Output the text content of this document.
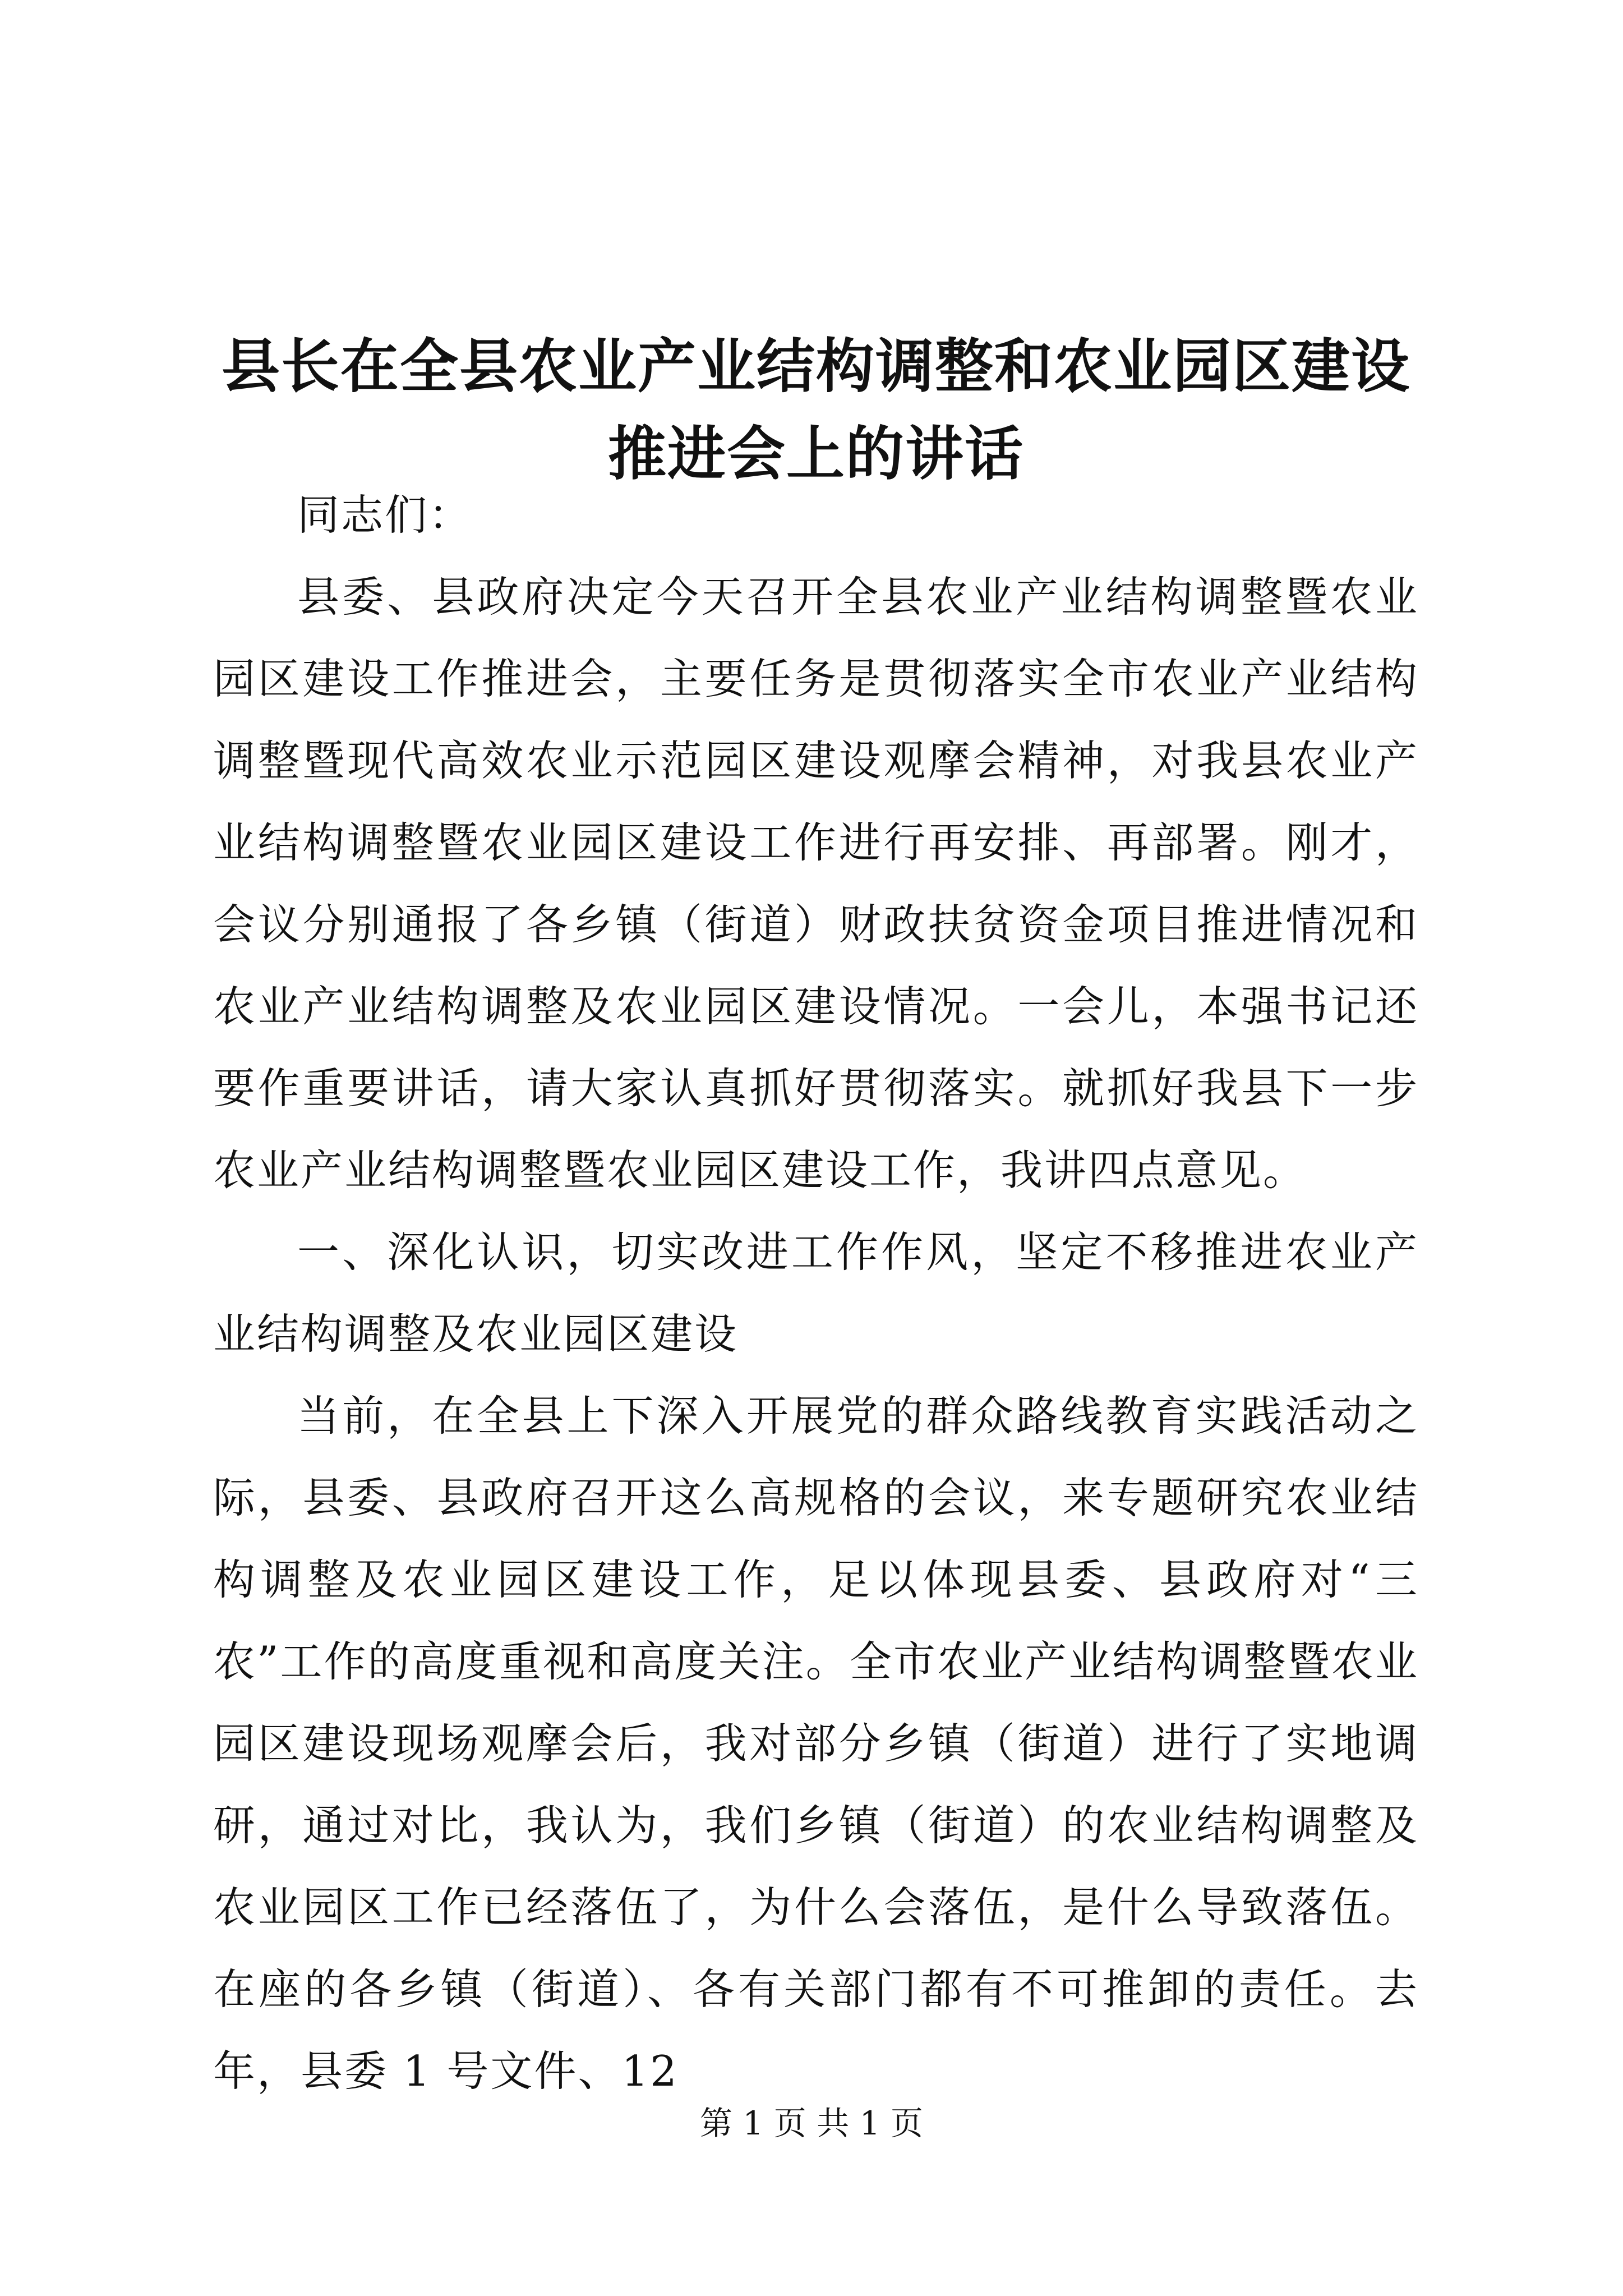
县长在全县农业产业结构调整和农业园区建设
推进会上的讲话

同志们：

县委、县政府决定今天召开全县农业产业结构调整暨农业园区建设工作推进会，主要任务是贯彻落实全市农业产业结构调整暨现代高效农业示范园区建设观摩会精神，对我县农业产业结构调整暨农业园区建设工作进行再安排、再部署。刚才，会议分别通报了各乡镇（街道）财政扶贫资金项目推进情况和农业产业结构调整及农业园区建设情况。一会儿，本强书记还要作重要讲话，请大家认真抓好贯彻落实。就抓好我县下一步农业产业结构调整暨农业园区建设工作，我讲四点意见。

一、深化认识，切实改进工作作风，坚定不移推进农业产业结构调整及农业园区建设

当前，在全县上下深入开展党的群众路线教育实践活动之际，县委、县政府召开这么高规格的会议，来专题研究农业结构调整及农业园区建设工作，足以体现县委、县政府对“三农”工作的高度重视和高度关注。全市农业产业结构调整暨农业园区建设现场观摩会后，我对部分乡镇（街道）进行了实地调研，通过对比，我认为，我们乡镇（街道）的农业结构调整及农业园区工作已经落伍了，为什么会落伍，是什么导致落伍。在座的各乡镇（街道）、各有关部门都有不可推卸的责任。去年，县委 1 号文件、12

第 1 页 共 1 页
